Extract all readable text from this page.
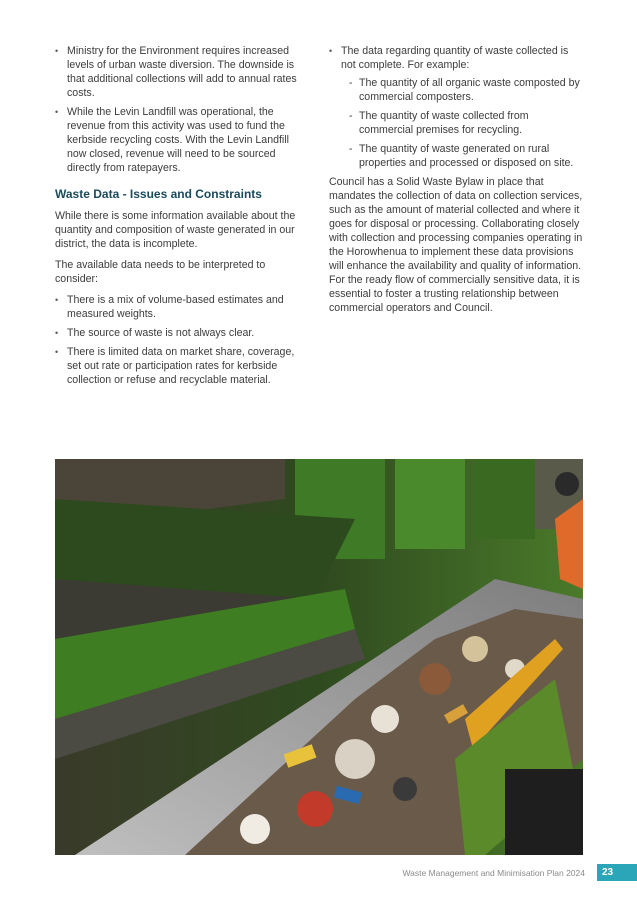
• Ministry for the Environment requires increased levels of urban waste diversion. The downside is that additional collections will add to annual rates costs.
• While the Levin Landfill was operational, the revenue from this activity was used to fund the kerbside recycling costs. With the Levin Landfill now closed, revenue will need to be sourced directly from ratepayers.
Waste Data - Issues and Constraints

While there is some information available about the quantity and composition of waste generated in our district, the data is incomplete.

The available data needs to be interpreted to consider:

• There is a mix of volume-based estimates and measured weights.
• The source of waste is not always clear.
• There is limited data on market share, coverage, set out rate or participation rates for kerbside collection or refuse and recyclable material.
• The data regarding quantity of waste collected is not complete. For example:
- The quantity of all organic waste composted by commercial composters.
- The quantity of waste collected from commercial premises for recycling.
- The quantity of waste generated on rural properties and processed or disposed on site.

Council has a Solid Waste Bylaw in place that mandates the collection of data on collection services, such as the amount of material collected and where it goes for disposal or processing. Collaborating closely with collection and processing companies operating in the Horowhenua to implement these data provisions will enhance the availability and quality of information. For the ready flow of commercially sensitive data, it is essential to foster a trusting relationship between commercial operators and Council.

Waste Management and Minimisation Plan 2024	23
